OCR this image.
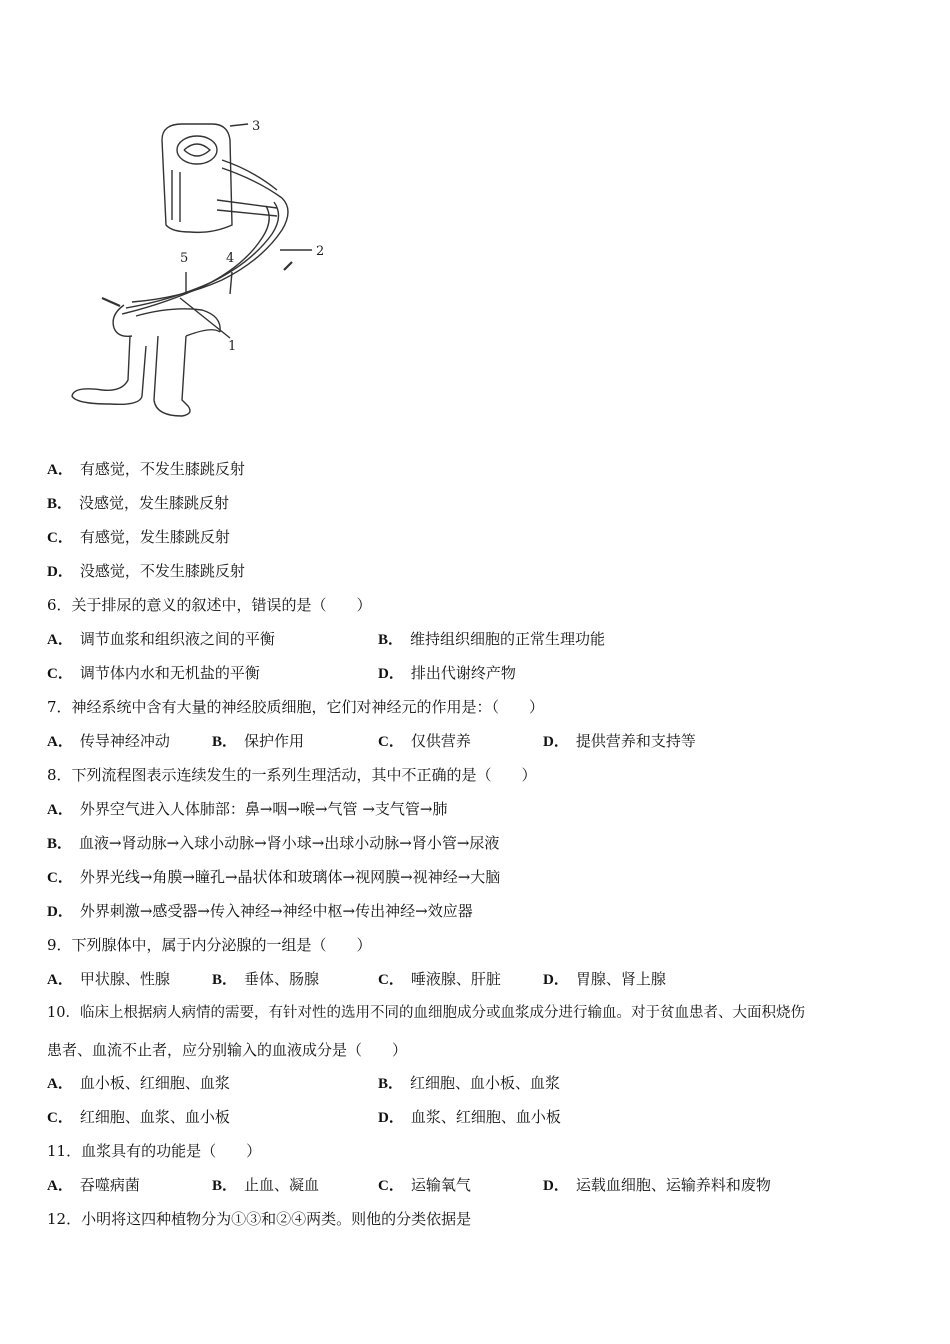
3
2
5	4
1
A． 有感觉，不发生膝跳反射
B． 没感觉，发生膝跳反射
C． 有感觉，发生膝跳反射
D． 没感觉，不发生膝跳反射
6．关于排尿的意义的叙述中，错误的是（　　）
A． 调节血浆和组织液之间的平衡	B． 维持组织细胞的正常生理功能
C． 调节体内水和无机盐的平衡	D． 排出代谢终产物
7．神经系统中含有大量的神经胶质细胞，它们对神经元的作用是：（　　）
A． 传导神经冲动	B． 保护作用	C． 仅供营养	D． 提供营养和支持等
8．下列流程图表示连续发生的一系列生理活动，其中不正确的是（　　）
A． 外界空气进入人体肺部：鼻→咽→喉→气管 →支气管→肺
B． 血液→肾动脉→入球小动脉→肾小球→出球小动脉→肾小管→尿液
C． 外界光线→角膜→瞳孔→晶状体和玻璃体→视网膜→视神经→大脑
D． 外界刺激→感受器→传入神经→神经中枢→传出神经→效应器
9．下列腺体中，属于内分泌腺的一组是（　　）
A． 甲状腺、性腺	B． 垂体、肠腺	C． 唾液腺、肝脏	D． 胃腺、肾上腺
10．临床上根据病人病情的需要，有针对性的选用不同的血细胞成分或血浆成分进行输血。对于贫血患者、大面积烧伤
患者、血流不止者，应分别输入的血液成分是（　　）
A． 血小板、红细胞、血浆	B． 红细胞、血小板、血浆
C． 红细胞、血浆、血小板	D． 血浆、红细胞、血小板
11．血浆具有的功能是（　　）
A． 吞噬病菌	B． 止血、凝血	C． 运输氧气	D． 运载血细胞、运输养料和废物
12．小明将这四种植物分为①③和②④两类。则他的分类依据是
